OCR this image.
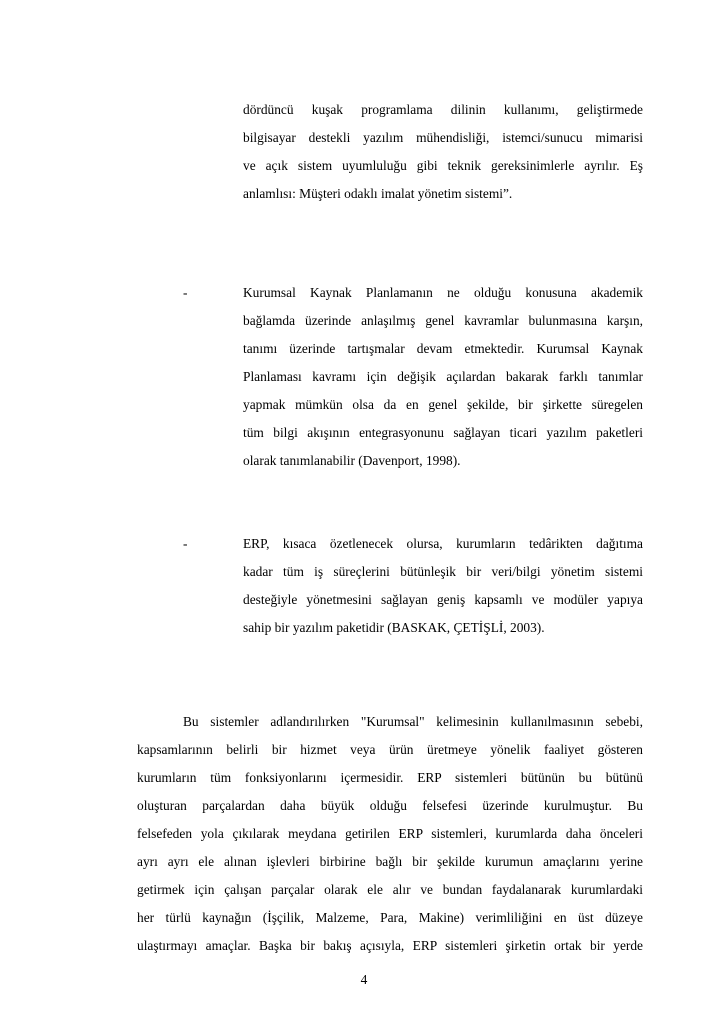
dördüncü kuşak programlama dilinin kullanımı, geliştirmede
bilgisayar destekli yazılım mühendisliği, istemci/sunucu mimarisi
ve açık sistem uyumluluğu gibi teknik gereksinimlerle ayrılır. Eş
anlamlısı: Müşteri odaklı imalat yönetim sistemi”.
-	Kurumsal Kaynak Planlamanın ne olduğu konusuna akademik
bağlamda üzerinde anlaşılmış genel kavramlar bulunmasına karşın,
tanımı üzerinde tartışmalar devam etmektedir. Kurumsal Kaynak
Planlaması kavramı için değişik açılardan bakarak farklı tanımlar
yapmak mümkün olsa da en genel şekilde, bir şirkette süregelen
tüm bilgi akışının entegrasyonunu sağlayan ticari yazılım paketleri
olarak tanımlanabilir (Davenport, 1998).
-	ERP, kısaca özetlenecek olursa, kurumların tedârikten dağıtıma
kadar tüm iş süreçlerini bütünleşik bir veri/bilgi yönetim sistemi
desteğiyle yönetmesini sağlayan geniş kapsamlı ve modüler yapıya
sahip bir yazılım paketidir (BASKAK, ÇETİŞLİ, 2003).
Bu sistemler adlandırılırken "Kurumsal" kelimesinin kullanılmasının sebebi,
kapsamlarının belirli bir hizmet veya ürün üretmeye yönelik faaliyet gösteren
kurumların tüm fonksiyonlarını içermesidir. ERP sistemleri bütünün bu bütünü
oluşturan parçalardan daha büyük olduğu felsefesi üzerinde kurulmuştur. Bu
felsefeden yola çıkılarak meydana getirilen ERP sistemleri, kurumlarda daha önceleri
ayrı ayrı ele alınan işlevleri birbirine bağlı bir şekilde kurumun amaçlarını yerine
getirmek için çalışan parçalar olarak ele alır ve bundan faydalanarak kurumlardaki
her türlü kaynağın (İşçilik, Malzeme, Para, Makine) verimliliğini en üst düzeye
ulaştırmayı amaçlar. Başka bir bakış açısıyla, ERP sistemleri şirketin ortak bir yerde
4
